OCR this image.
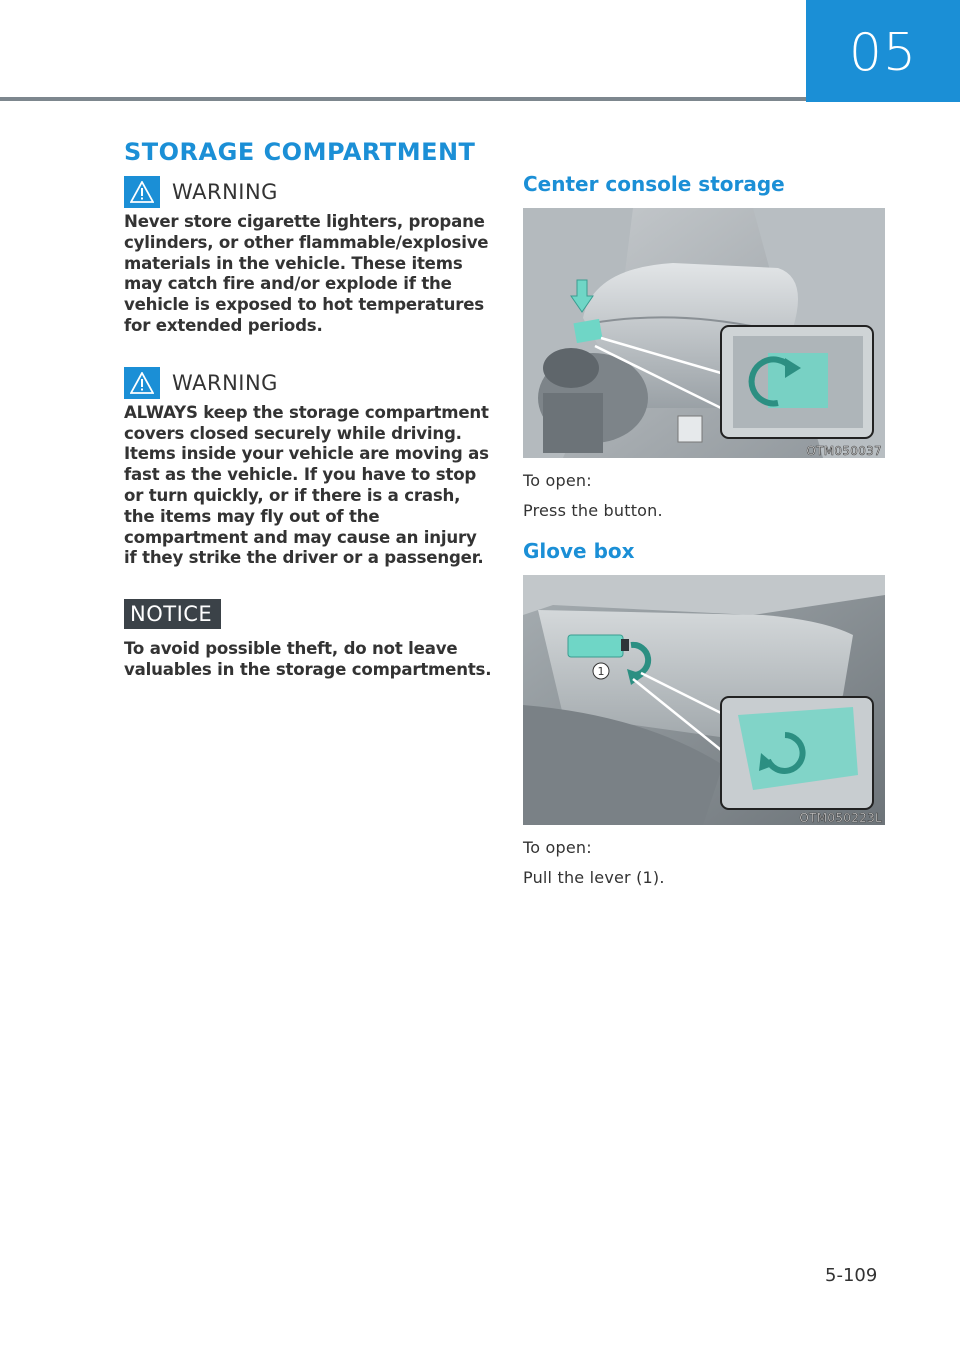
05
STORAGE COMPARTMENT
WARNING

Never store cigarette lighters, propane cylinders, or other flammable/explosive materials in the vehicle. These items may catch fire and/or explode if the vehicle is exposed to hot temperatures for extended periods.

WARNING

ALWAYS keep the storage compartment covers closed securely while driving. Items inside your vehicle are moving as fast as the vehicle. If you have to stop or turn quickly, or if there is a crash, the items may fly out of the compartment and may cause an injury if they strike the driver or a passenger.

NOTICE

To avoid possible theft, do not leave valuables in the storage compartments.

Center console storage
OTM050037

To open:

Press the button.

Glove box
1
OTM050223L

To open:

Pull the lever (1).

5-109
